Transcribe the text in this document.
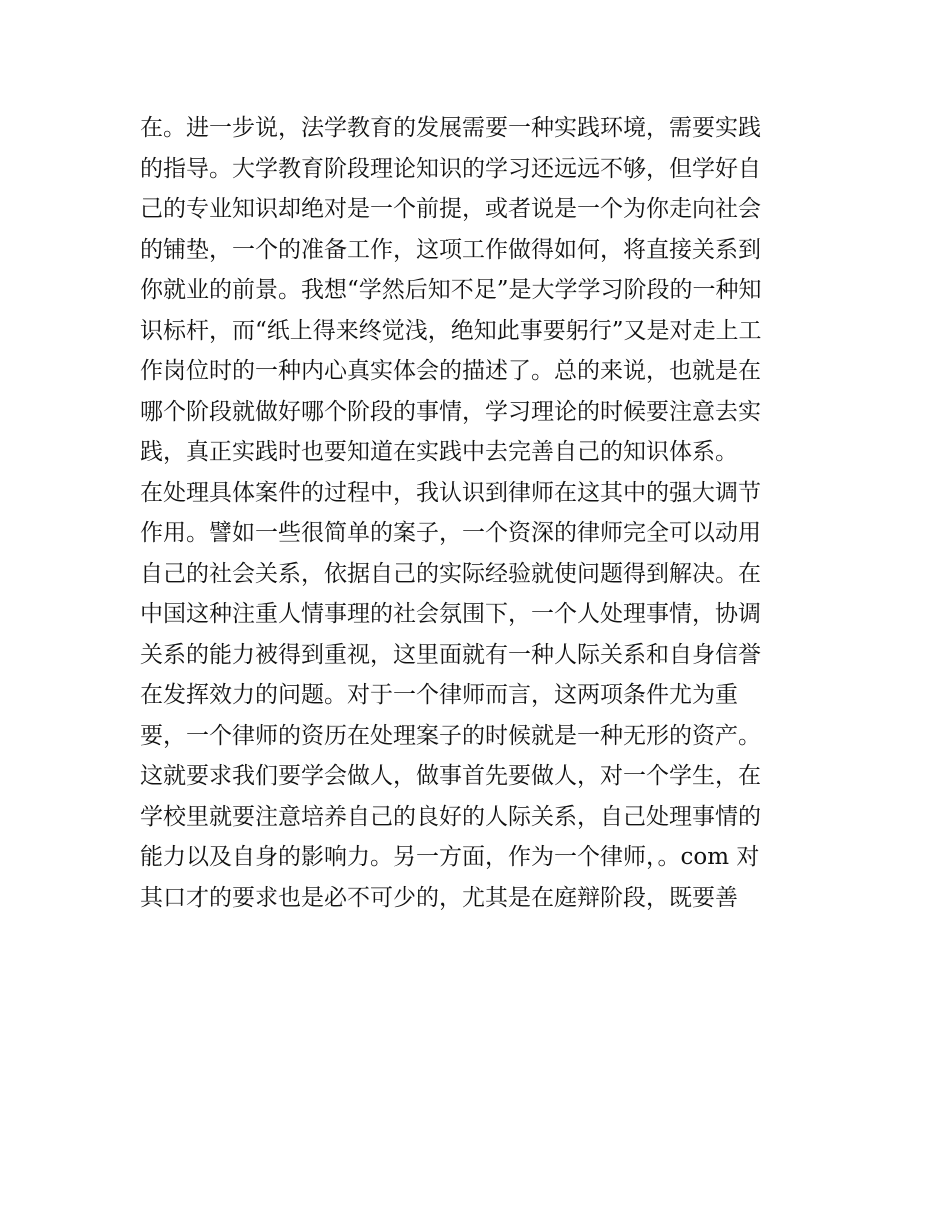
在。进一步说，法学教育的发展需要一种实践环境，需要实践
的指导。大学教育阶段理论知识的学习还远远不够，但学好自
己的专业知识却绝对是一个前提，或者说是一个为你走向社会
的铺垫，一个的准备工作，这项工作做得如何，将直接关系到
你就业的前景。我想“学然后知不足”是大学学习阶段的一种知
识标杆，而“纸上得来终觉浅，绝知此事要躬行”又是对走上工
作岗位时的一种内心真实体会的描述了。总的来说，也就是在
哪个阶段就做好哪个阶段的事情，学习理论的时候要注意去实
践，真正实践时也要知道在实践中去完善自己的知识体系。
在处理具体案件的过程中，我认识到律师在这其中的强大调节
作用。譬如一些很简单的案子，一个资深的律师完全可以动用
自己的社会关系，依据自己的实际经验就使问题得到解决。在
中国这种注重人情事理的社会氛围下，一个人处理事情，协调
关系的能力被得到重视，这里面就有一种人际关系和自身信誉
在发挥效力的问题。对于一个律师而言，这两项条件尤为重
要，一个律师的资历在处理案子的时候就是一种无形的资产。
这就要求我们要学会做人，做事首先要做人，对一个学生，在
学校里就要注意培养自己的良好的人际关系，自己处理事情的
能力以及自身的影响力。另一方面，作为一个律师，。com 对
其口才的要求也是必不可少的，尤其是在庭辩阶段，既要善
